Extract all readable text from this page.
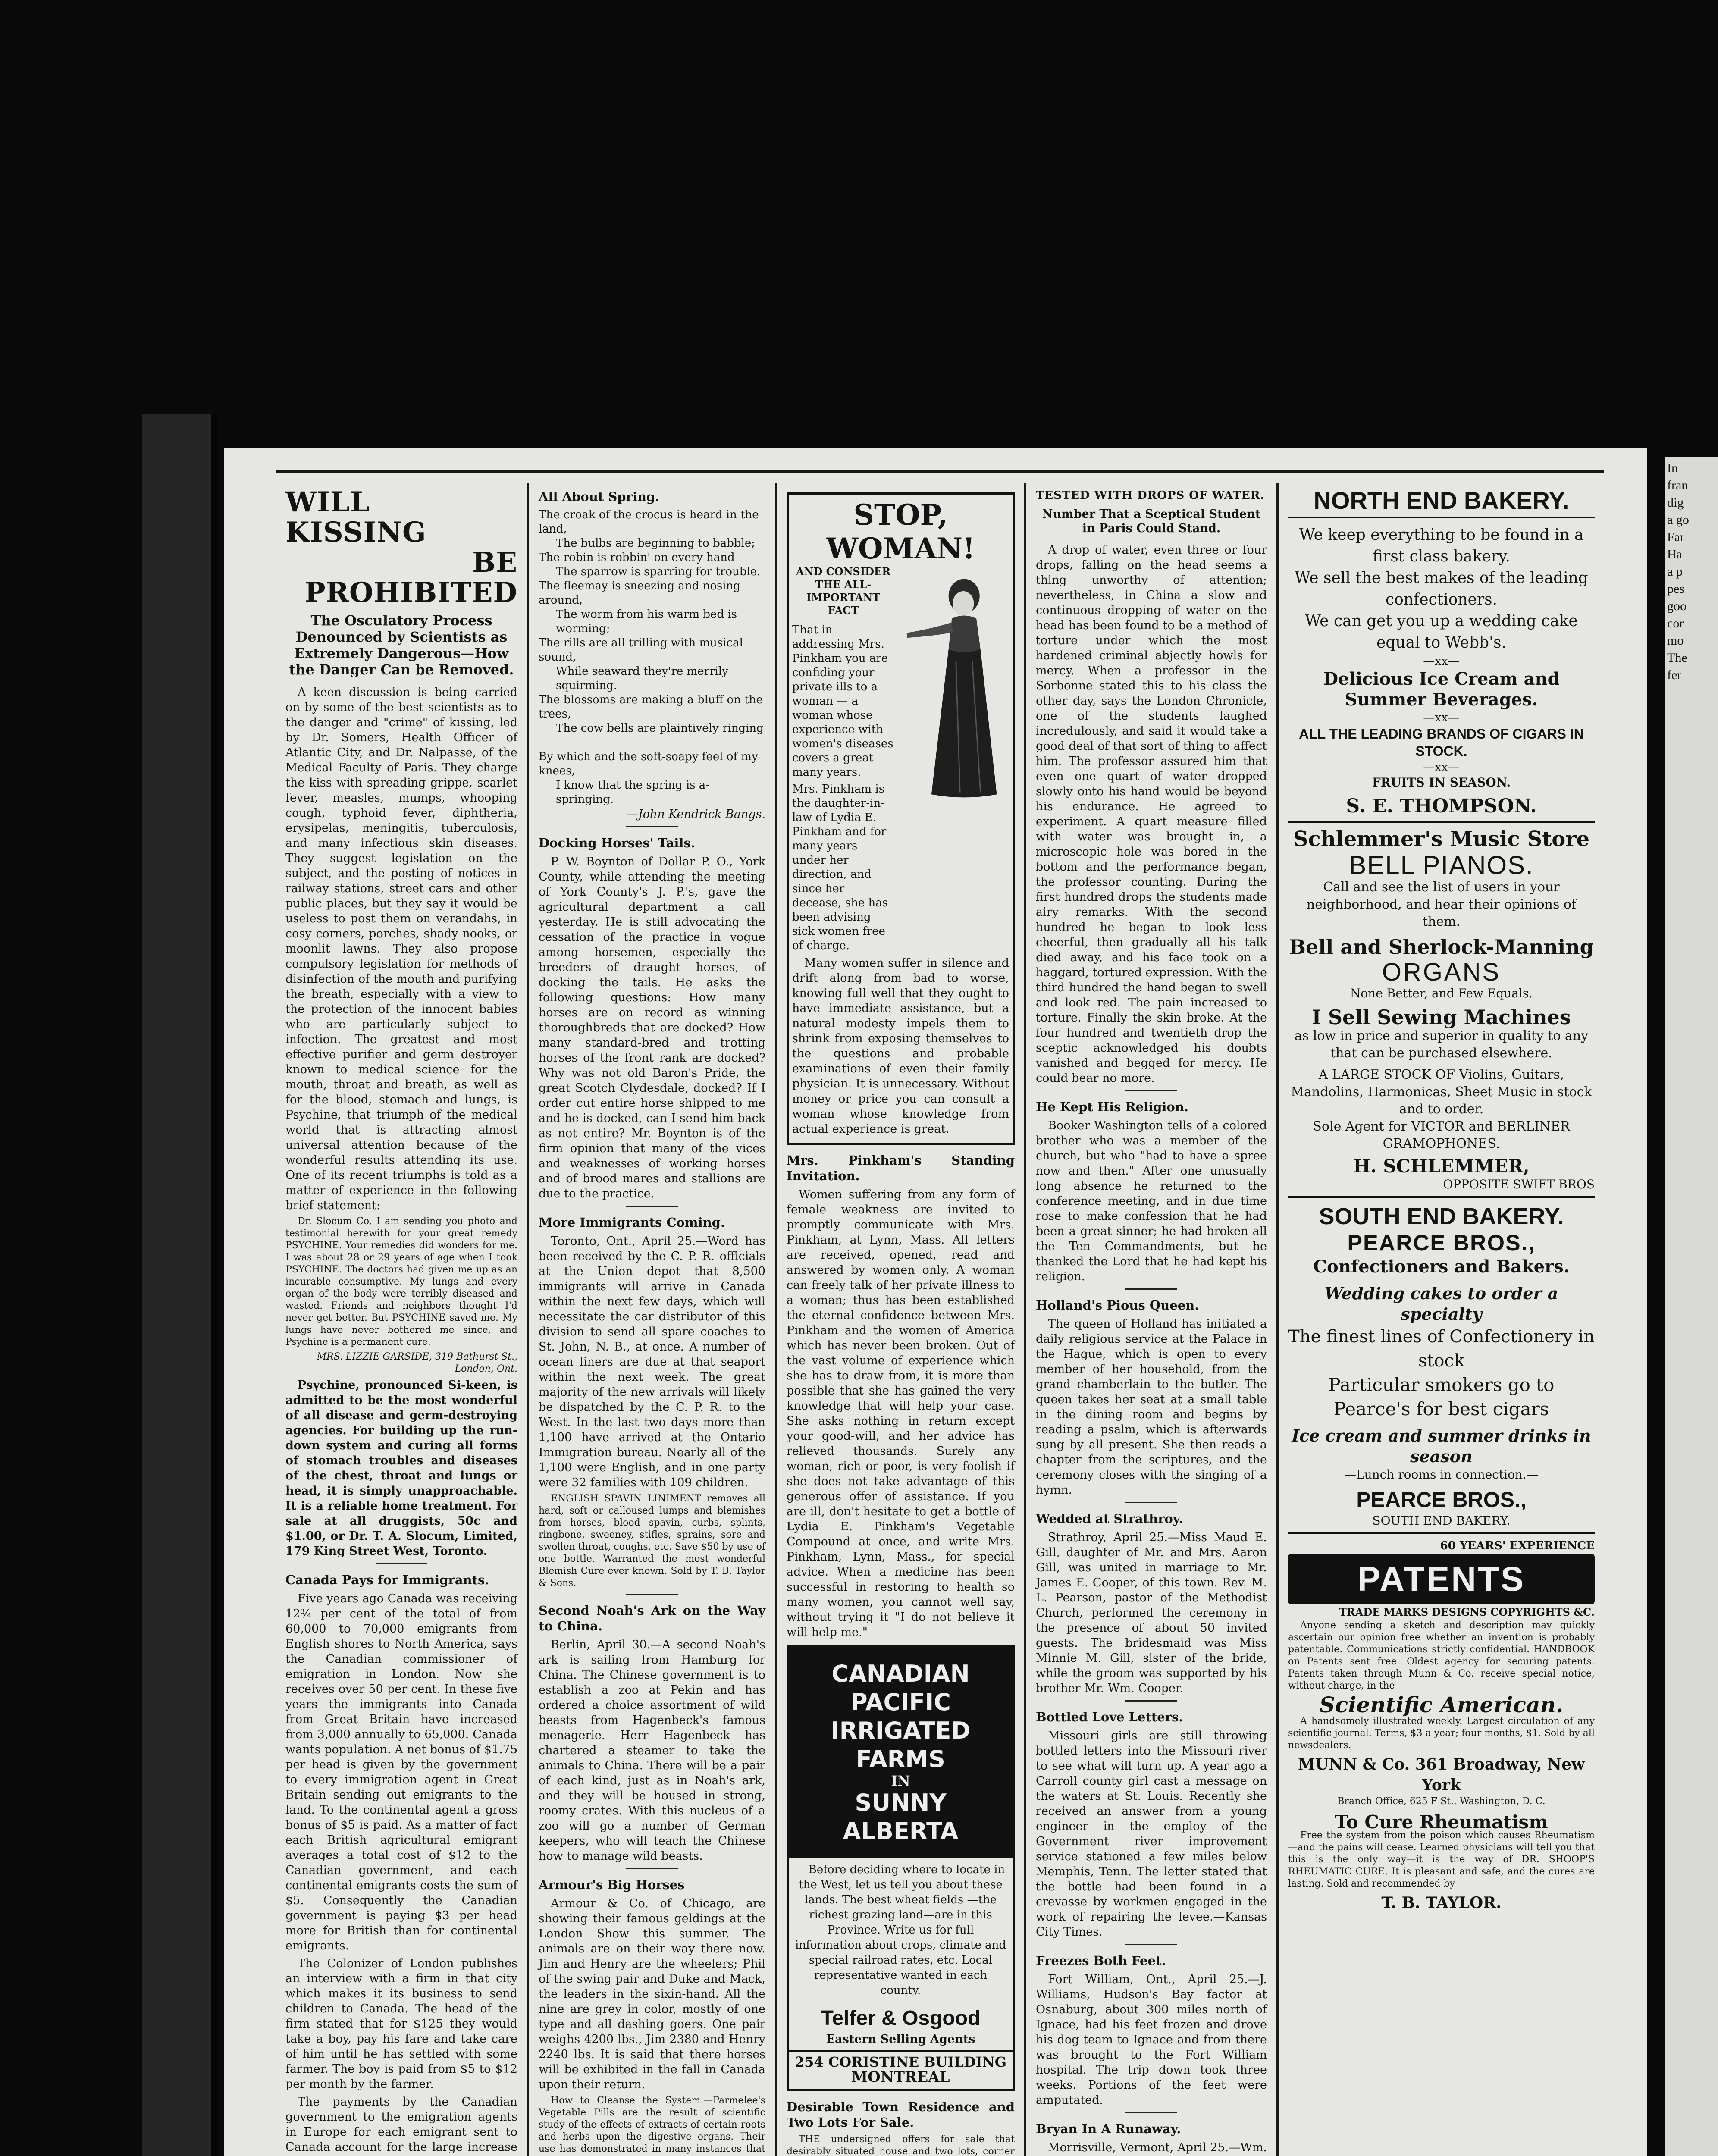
In
fran
dig
a go
Far
Ha
a p
pes
goo
cor
mo
The
fer
WILL KISSING
BE PROHIBITED
The Osculatory Process Denounced by Scientists as Extremely Dangerous—How the Danger Can be Removed.

A keen discussion is being carried on by some of the best scientists as to the danger and "crime" of kissing, led by Dr. Somers, Health Officer of Atlantic City, and Dr. Nalpasse, of the Medical Faculty of Paris. They charge the kiss with spreading grippe, scarlet fever, measles, mumps, whooping cough, typhoid fever, diphtheria, erysipelas, meningitis, tuberculosis, and many infectious skin diseases. They suggest legislation on the subject, and the posting of notices in railway stations, street cars and other public places, but they say it would be useless to post them on verandahs, in cosy corners, porches, shady nooks, or moonlit lawns. They also propose compulsory legislation for methods of disinfection of the mouth and purifying the breath, especially with a view to the protection of the innocent babies who are particularly subject to infection. The greatest and most effective purifier and germ destroyer known to medical science for the mouth, throat and breath, as well as for the blood, stomach and lungs, is Psychine, that triumph of the medical world that is attracting almost universal attention because of the wonderful results attending its use. One of its recent triumphs is told as a matter of experience in the following brief statement:

Dr. Slocum Co. I am sending you photo and testimonial herewith for your great remedy PSYCHINE. Your remedies did wonders for me. I was about 28 or 29 years of age when I took PSYCHINE. The doctors had given me up as an incurable consumptive. My lungs and every organ of the body were terribly diseased and wasted. Friends and neighbors thought I'd never get better. But PSYCHINE saved me. My lungs have never bothered me since, and Psychine is a permanent cure.

MRS. LIZZIE GARSIDE, 319 Bathurst St., London, Ont.

Psychine, pronounced Si-keen, is admitted to be the most wonderful of all disease and germ-destroying agencies. For building up the run-down system and curing all forms of stomach troubles and diseases of the chest, throat and lungs or head, it is simply unapproachable. It is a reliable home treatment. For sale at all druggists, 50c and $1.00, or Dr. T. A. Slocum, Limited, 179 King Street West, Toronto.

Canada Pays for Immigrants.

Five years ago Canada was receiving 12¾ per cent of the total of from 60,000 to 70,000 emigrants from English shores to North America, says the Canadian commissioner of emigration in London. Now she receives over 50 per cent. In these five years the immigrants into Canada from Great Britain have increased from 3,000 annually to 65,000. Canada wants population. A net bonus of $1.75 per head is given by the government to every immigration agent in Great Britain sending out emigrants to the land. To the continental agent a gross bonus of $5 is paid. As a matter of fact each British agricultural emigrant averages a total cost of $12 to the Canadian government, and each continental emigrants costs the sum of $5. Consequently the Canadian government is paying $3 per head more for British than for continental emigrants.

The Colonizer of London publishes an interview with a firm in that city which makes it its business to send children to Canada. The head of the firm stated that for $125 they would take a boy, pay his fare and take care of him until he has settled with some farmer. The boy is paid from $5 to $12 per month by the farmer.

The payments by the Canadian government to the emigration agents in Europe for each emigrant sent to Canada account for the large increase

All About Spring.
The croak of the crocus is heard in the land,
The bulbs are beginning to babble;
The robin is robbin' on every hand
The sparrow is sparring for trouble.
The fleemay is sneezing and nosing around,
The worm from his warm bed is worming;
The rills are all trilling with musical sound,
While seaward they're merrily squirming.
The blossoms are making a bluff on the trees,
The cow bells are plaintively ringing—
By which and the soft-soapy feel of my knees,
I know that the spring is a-springing.

—John Kendrick Bangs.

Docking Horses' Tails.

P. W. Boynton of Dollar P. O., York County, while attending the meeting of York County's J. P.'s, gave the agricultural department a call yesterday. He is still advocating the cessation of the practice in vogue among horsemen, especially the breeders of draught horses, of docking the tails. He asks the following questions: How many horses are on record as winning thoroughbreds that are docked? How many standard-bred and trotting horses of the front rank are docked? Why was not old Baron's Pride, the great Scotch Clydesdale, docked? If I order cut entire horse shipped to me and he is docked, can I send him back as not entire? Mr. Boynton is of the firm opinion that many of the vices and weaknesses of working horses and of brood mares and stallions are due to the practice.

More Immigrants Coming.

Toronto, Ont., April 25.—Word has been received by the C. P. R. officials at the Union depot that 8,500 immigrants will arrive in Canada within the next few days, which will necessitate the car distributor of this division to send all spare coaches to St. John, N. B., at once. A number of ocean liners are due at that seaport within the next week. The great majority of the new arrivals will likely be dispatched by the C. P. R. to the West. In the last two days more than 1,100 have arrived at the Ontario Immigration bureau. Nearly all of the 1,100 were English, and in one party were 32 families with 109 children.

ENGLISH SPAVIN LINIMENT removes all hard, soft or calloused lumps and blemishes from horses, blood spavin, curbs, splints, ringbone, sweeney, stifles, sprains, sore and swollen throat, coughs, etc. Save $50 by use of one bottle. Warranted the most wonderful Blemish Cure ever known. Sold by T. B. Taylor & Sons.

Second Noah's Ark on the Way to China.

Berlin, April 30.—A second Noah's ark is sailing from Hamburg for China. The Chinese government is to establish a zoo at Pekin and has ordered a choice assortment of wild beasts from Hagenbeck's famous menagerie. Herr Hagenbeck has chartered a steamer to take the animals to China. There will be a pair of each kind, just as in Noah's ark, and they will be housed in strong, roomy crates. With this nucleus of a zoo will go a number of German keepers, who will teach the Chinese how to manage wild beasts.

Armour's Big Horses

Armour & Co. of Chicago, are showing their famous geldings at the London Show this summer. The animals are on their way there now. Jim and Henry are the wheelers; Phil of the swing pair and Duke and Mack, the leaders in the sixin-hand. All the nine are grey in color, mostly of one type and all dashing goers. One pair weighs 4200 lbs., Jim 2380 and Henry 2240 lbs. It is said that there horses will be exhibited in the fall in Canada upon their return.

How to Cleanse the System.—Parmelee's Vegetable Pills are the result of scientific study of the effects of extracts of certain roots and herbs upon the digestive organs. Their use has demonstrated in many instances that

STOP, WOMAN!
AND CONSIDER THE ALL-IMPORTANT FACT

That in addressing Mrs. Pinkham you are confiding your private ills to a woman — a woman whose experience with women's diseases covers a great many years.

Mrs. Pinkham is the daughter-in-law of Lydia E. Pinkham and for many years under her direction, and since her decease, she has been advising sick women free of charge.

Many women suffer in silence and drift along from bad to worse, knowing full well that they ought to have immediate assistance, but a natural modesty impels them to shrink from exposing themselves to the questions and probable examinations of even their family physician. It is unnecessary. Without money or price you can consult a woman whose knowledge from actual experience is great.

Mrs. Pinkham's Standing Invitation.

Women suffering from any form of female weakness are invited to promptly communicate with Mrs. Pinkham, at Lynn, Mass. All letters are received, opened, read and answered by women only. A woman can freely talk of her private illness to a woman; thus has been established the eternal confidence between Mrs. Pinkham and the women of America which has never been broken. Out of the vast volume of experience which she has to draw from, it is more than possible that she has gained the very knowledge that will help your case. She asks nothing in return except your good-will, and her advice has relieved thousands. Surely any woman, rich or poor, is very foolish if she does not take advantage of this generous offer of assistance. If you are ill, don't hesitate to get a bottle of Lydia E. Pinkham's Vegetable Compound at once, and write Mrs. Pinkham, Lynn, Mass., for special advice. When a medicine has been successful in restoring to health so many women, you cannot well say, without trying it "I do not believe it will help me."

CANADIAN PACIFIC
IRRIGATED FARMS
IN
SUNNY ALBERTA

Before deciding where to locate in the West, let us tell you about these lands. The best wheat fields —the richest grazing land—are in this Province. Write us for full information about crops, climate and special railroad rates, etc. Local representative wanted in each county.

Telfer & Osgood
Eastern Selling Agents
254 CORISTINE BUILDING
MONTREAL
Desirable Town Residence and Two Lots For Sale.

THE undersigned offers for sale that desirably situated house and two lots, corner

TESTED WITH DROPS OF WATER.
Number That a Sceptical Student in Paris Could Stand.

A drop of water, even three or four drops, falling on the head seems a thing unworthy of attention; nevertheless, in China a slow and continuous dropping of water on the head has been found to be a method of torture under which the most hardened criminal abjectly howls for mercy. When a professor in the Sorbonne stated this to his class the other day, says the London Chronicle, one of the students laughed incredulously, and said it would take a good deal of that sort of thing to affect him. The professor assured him that even one quart of water dropped slowly onto his hand would be beyond his endurance. He agreed to experiment. A quart measure filled with water was brought in, a microscopic hole was bored in the bottom and the performance began, the professor counting. During the first hundred drops the students made airy remarks. With the second hundred he began to look less cheerful, then gradually all his talk died away, and his face took on a haggard, tortured expression. With the third hundred the hand began to swell and look red. The pain increased to torture. Finally the skin broke. At the four hundred and twentieth drop the sceptic acknowledged his doubts vanished and begged for mercy. He could bear no more.

He Kept His Religion.

Booker Washington tells of a colored brother who was a member of the church, but who "had to have a spree now and then." After one unusually long absence he returned to the conference meeting, and in due time rose to make confession that he had been a great sinner; he had broken all the Ten Commandments, but he thanked the Lord that he had kept his religion.

Holland's Pious Queen.

The queen of Holland has initiated a daily religious service at the Palace in the Hague, which is open to every member of her household, from the grand chamberlain to the butler. The queen takes her seat at a small table in the dining room and begins by reading a psalm, which is afterwards sung by all present. She then reads a chapter from the scriptures, and the ceremony closes with the singing of a hymn.

Wedded at Strathroy.

Strathroy, April 25.—Miss Maud E. Gill, daughter of Mr. and Mrs. Aaron Gill, was united in marriage to Mr. James E. Cooper, of this town. Rev. M. L. Pearson, pastor of the Methodist Church, performed the ceremony in the presence of about 50 invited guests. The bridesmaid was Miss Minnie M. Gill, sister of the bride, while the groom was supported by his brother Mr. Wm. Cooper.

Bottled Love Letters.

Missouri girls are still throwing bottled letters into the Missouri river to see what will turn up. A year ago a Carroll county girl cast a message on the waters at St. Louis. Recently she received an answer from a young engineer in the employ of the Government river improvement service stationed a few miles below Memphis, Tenn. The letter stated that the bottle had been found in a crevasse by workmen engaged in the work of repairing the levee.—Kansas City Times.

Freezes Both Feet.

Fort William, Ont., April 25.—J. Williams, Hudson's Bay factor at Osnaburg, about 300 miles north of Ignace, had his feet frozen and drove his dog team to Ignace and from there was brought to the Fort William hospital. The trip down took three weeks. Portions of the feet were amputated.

Bryan In A Runaway.

Morrisville, Vermont, April 25.—Wm.

NORTH END BAKERY.
We keep everything to be found in a first class bakery.
We sell the best makes of the leading confectioners.
We can get you up a wedding cake equal to Webb's.
—xx—
Delicious Ice Cream and Summer Beverages.
—xx—
ALL THE LEADING BRANDS OF CIGARS IN STOCK.
—xx—
FRUITS IN SEASON.
S. E. THOMPSON.
Schlemmer's Music Store
BELL PIANOS.
Call and see the list of users in your neighborhood, and hear their opinions of them.
Bell and Sherlock-Manning
ORGANS
None Better, and Few Equals.
I Sell Sewing Machines
as low in price and superior in quality to any that can be purchased elsewhere.
A LARGE STOCK OF Violins, Guitars, Mandolins, Harmonicas, Sheet Music in stock and to order.
Sole Agent for VICTOR and BERLINER GRAMOPHONES.
H. SCHLEMMER,
OPPOSITE SWIFT BROS
SOUTH END BAKERY.
PEARCE BROS.,
Confectioners and Bakers.
Wedding cakes to order a specialty
The finest lines of Confectionery in stock
Particular smokers go to Pearce's for best cigars
Ice cream and summer drinks in season
—Lunch rooms in connection.—
PEARCE BROS.,
SOUTH END BAKERY.
60 YEARS' EXPERIENCE
PATENTS
TRADE MARKS DESIGNS COPYRIGHTS &C.

Anyone sending a sketch and description may quickly ascertain our opinion free whether an invention is probably patentable. Communications strictly confidential. HANDBOOK on Patents sent free. Oldest agency for securing patents. Patents taken through Munn & Co. receive special notice, without charge, in the

Scientific American.

A handsomely illustrated weekly. Largest circulation of any scientific journal. Terms, $3 a year; four months, $1. Sold by all newsdealers.

MUNN & Co. 361 Broadway, New York
Branch Office, 625 F St., Washington, D. C.
To Cure Rheumatism

Free the system from the poison which causes Rheumatism—and the pains will cease. Learned physicians will tell you that this is the only way—it is the way of DR. SHOOP'S RHEUMATIC CURE. It is pleasant and safe, and the cures are lasting. Sold and recommended by

T. B. TAYLOR.
